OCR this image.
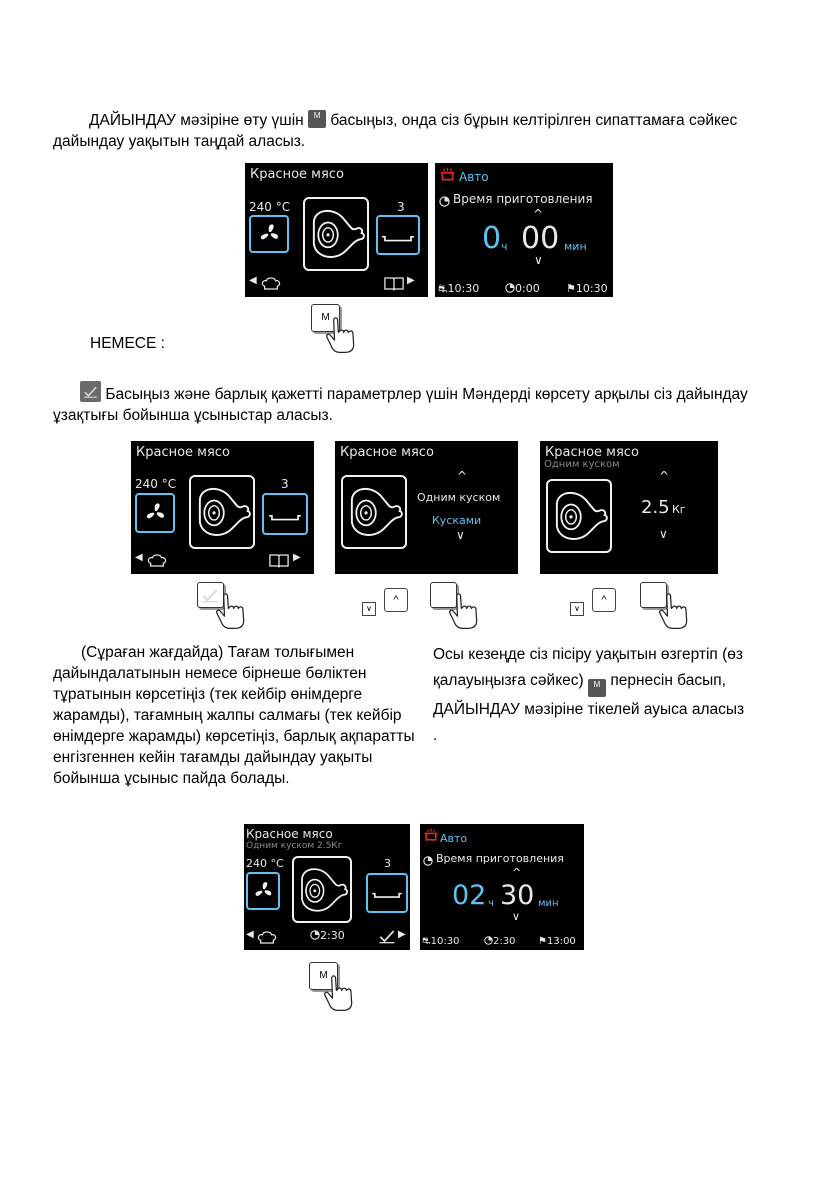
ДАЙЫНДАУ мәзіріне өту үшін M басыңыз, онда сіз бұрын келтірілген сипаттамаға сәйкес дайындау уақытын таңдай аласыз.
Красное мясо
240 °C	3
◀	▶
Авто
Время приготовления
^
0 ч 00 мин
∨
⛐10:30	0:00 ⚑10:30
M
НЕМЕСЕ :
Басыңыз және барлық қажетті параметрлер үшін Мәндерді көрсету арқылы сіз дайындау ұзақтығы бойынша ұсыныстар аласыз.
Красное мясо
240 °C	3
◀	▶
Красное мясо
^
Одним куском
Кусками
∨
Красное мясо
Одним куском
^
2.5 Кг
∨
∨
^
∨
^
(Сұраған жағдайда) Тағам толығымен дайындалатынын немесе бірнеше бөліктен тұратынын көрсетіңіз (тек кейбір өнімдерге жарамды), тағамның жалпы салмағы (тек кейбір өнімдерге жарамды) көрсетіңіз, барлық ақпаратты енгізгеннен кейін тағамды дайындау уақыты бойынша ұсыныс пайда болады.
Осы кезеңде сіз пісіру уақытын өзгертіп (өз қалауыңызға сәйкес) M пернесін басып, ДАЙЫНДАУ мәзіріне тікелей ауыса аласыз
.
Красное мясо
Одним куском 2.5Кг
240 °C	3
◀	2:30	▶
Авто
Время приготовления
^
02 ч 30 мин
∨
⛐10:30	2:30 ⚑13:00
M
